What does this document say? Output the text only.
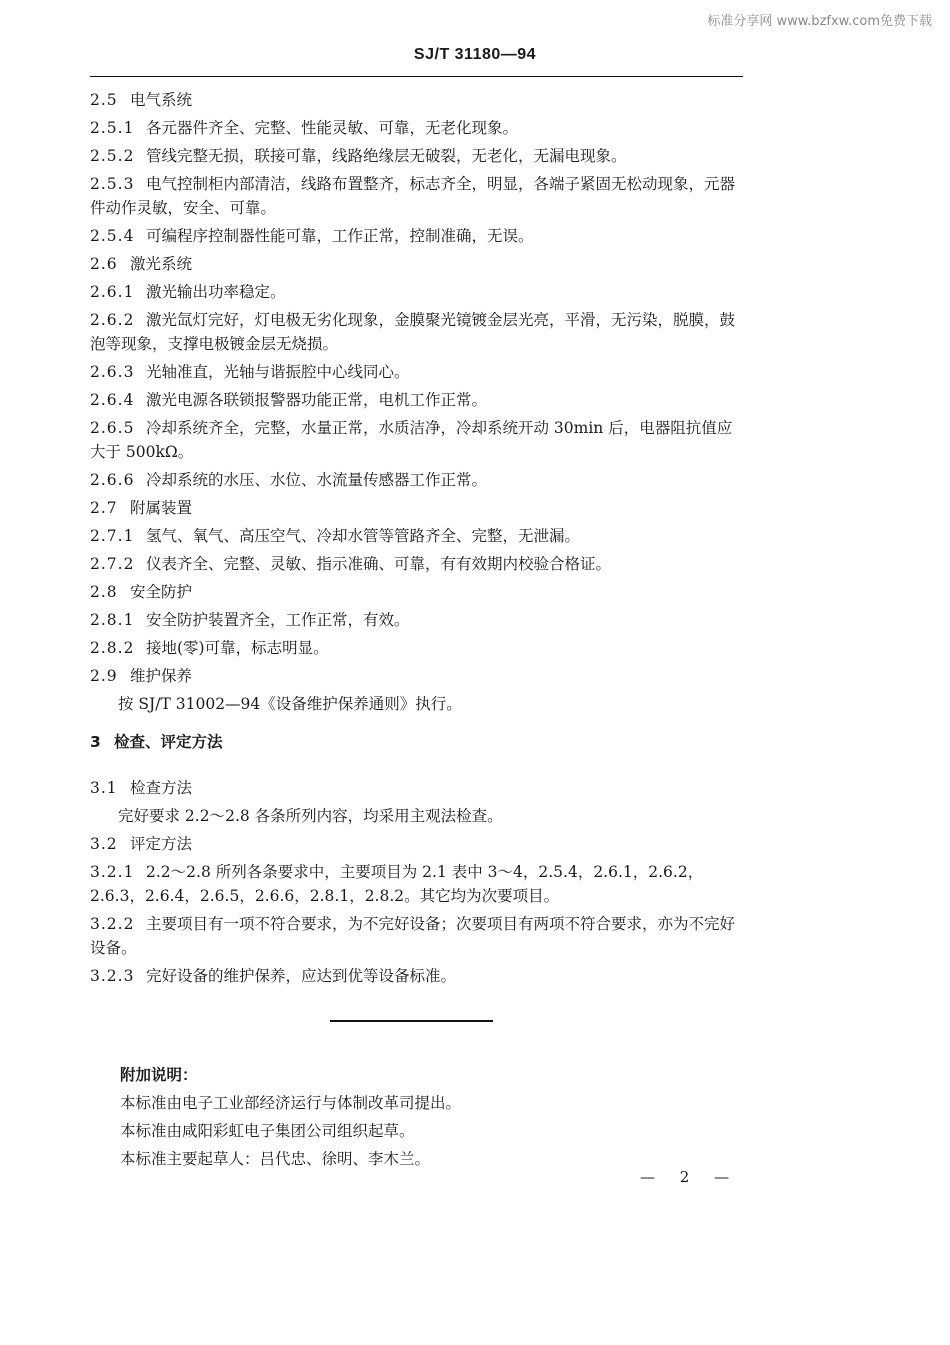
标准分享网 www.bzfxw.com免费下载
SJ/T 31180—94

2.5 电气系统

2.5.1 各元器件齐全、完整、性能灵敏、可靠，无老化现象。

2.5.2 管线完整无损，联接可靠，线路绝缘层无破裂，无老化，无漏电现象。

2.5.3 电气控制柜内部清洁，线路布置整齐，标志齐全，明显，各端子紧固无松动现象，元器件动作灵敏，安全、可靠。

2.5.4 可编程序控制器性能可靠，工作正常，控制准确，无误。

2.6 激光系统

2.6.1 激光输出功率稳定。

2.6.2 激光氙灯完好，灯电极无劣化现象，金膜聚光镜镀金层光亮，平滑，无污染，脱膜，鼓泡等现象，支撑电极镀金层无烧损。

2.6.3 光轴准直，光轴与谐振腔中心线同心。

2.6.4 激光电源各联锁报警器功能正常，电机工作正常。

2.6.5 冷却系统齐全，完整，水量正常，水质洁净，冷却系统开动 30min 后，电器阻抗值应大于 500kΩ。

2.6.6 冷却系统的水压、水位、水流量传感器工作正常。

2.7 附属装置

2.7.1 氢气、氧气、高压空气、冷却水管等管路齐全、完整，无泄漏。

2.7.2 仪表齐全、完整、灵敏、指示准确、可靠，有有效期内校验合格证。

2.8 安全防护

2.8.1 安全防护装置齐全，工作正常，有效。

2.8.2 接地(零)可靠，标志明显。

2.9 维护保养

按 SJ/T 31002—94《设备维护保养通则》执行。

3 检查、评定方法

3.1 检查方法

完好要求 2.2～2.8 各条所列内容，均采用主观法检查。

3.2 评定方法

3.2.1 2.2～2.8 所列各条要求中，主要项目为 2.1 表中 3～4，2.5.4，2.6.1，2.6.2，2.6.3，2.6.4，2.6.5，2.6.6，2.8.1，2.8.2。其它均为次要项目。

3.2.2 主要项目有一项不符合要求，为不完好设备；次要项目有两项不符合要求，亦为不完好设备。

3.2.3 完好设备的维护保养，应达到优等设备标准。

附加说明：

本标准由电子工业部经济运行与体制改革司提出。

本标准由咸阳彩虹电子集团公司组织起草。

本标准主要起草人：吕代忠、徐明、李木兰。

— 2 —
